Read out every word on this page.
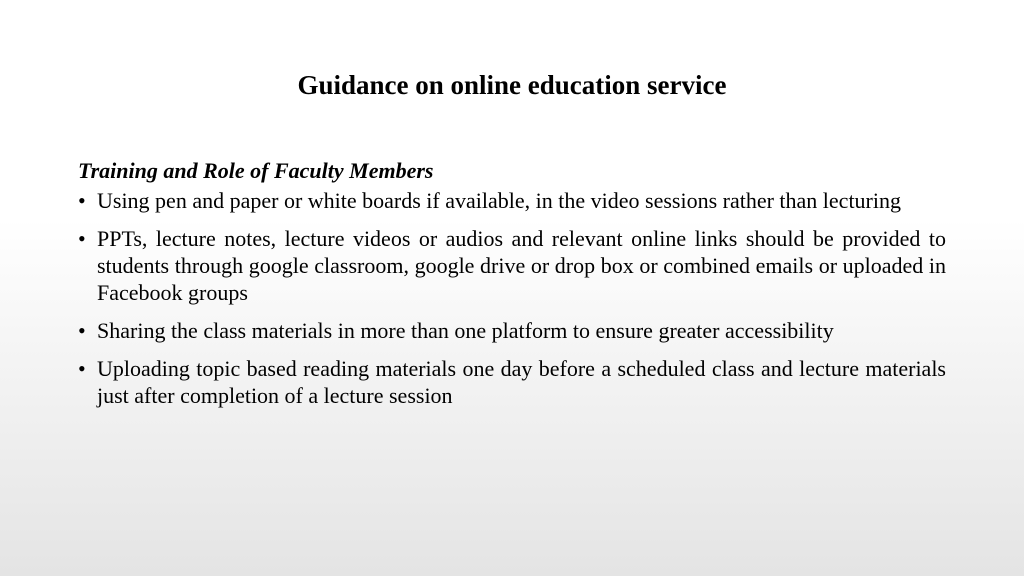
Guidance on online education service
Training and Role of Faculty Members
• Using pen and paper or white boards if available, in the video sessions rather than lecturing
• PPTs, lecture notes, lecture videos or audios and relevant online links should be provided to students through google classroom, google drive or drop box or combined emails or uploaded in Facebook groups
• Sharing the class materials in more than one platform to ensure greater accessibility
• Uploading topic based reading materials one day before a scheduled class and lecture materials just after completion of a lecture session
